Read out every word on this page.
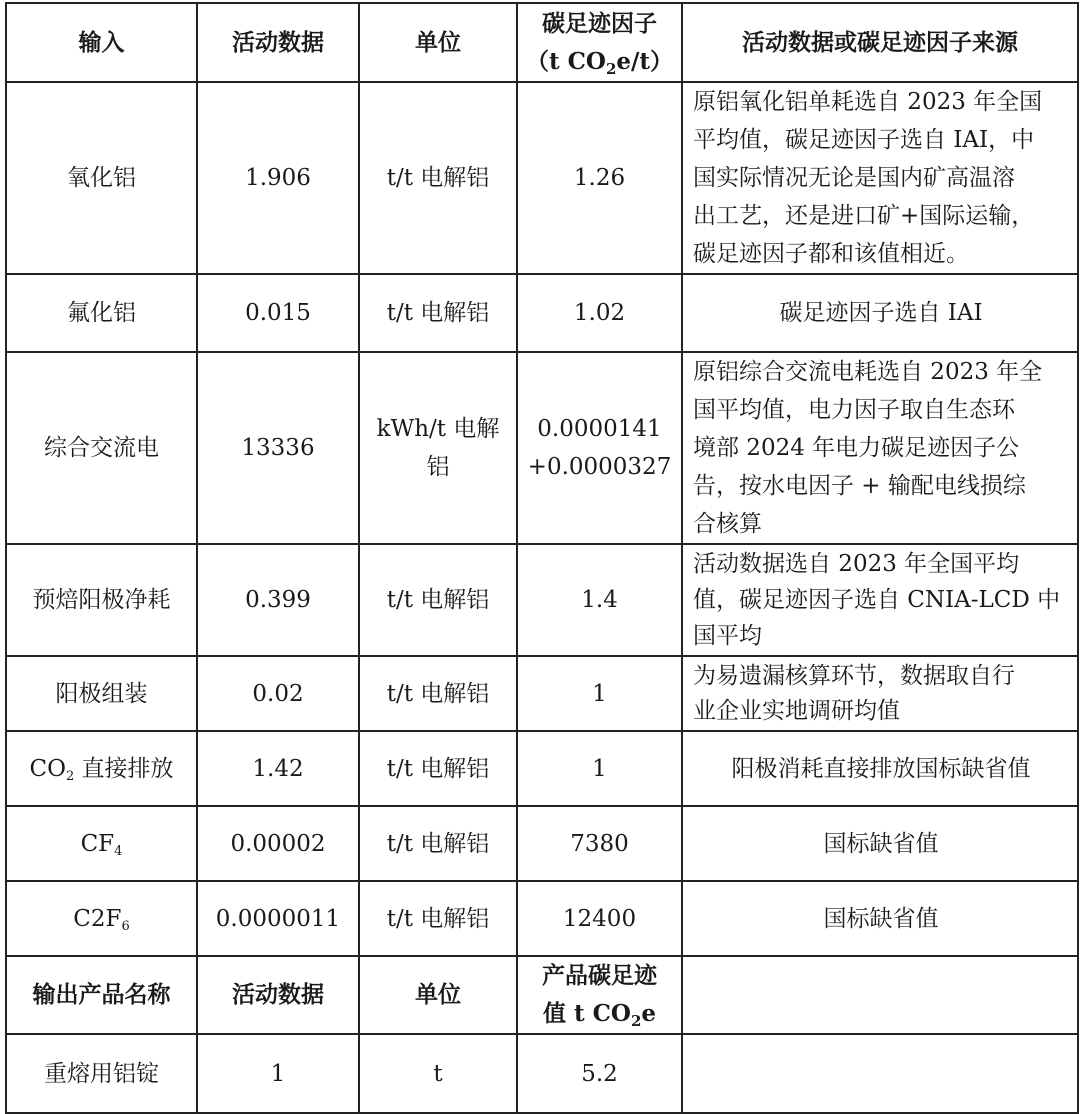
输入	活动数据	单位	碳足迹因子
（t $CO_2e/t$）	活动数据或碳足迹因子来源
氧化铝	1.906	t/t 电解铝	1.26	原铝氧化铝单耗选自 2023 年全国
平均值，碳足迹因子选自 IAI，中
国实际情况无论是国内矿高温溶
出工艺，还是进口矿+国际运输，
碳足迹因子都和该值相近。

氟化铝	0.015	t/t 电解铝	1.02	碳足迹因子选自 IAI
综合交流电	13336	kWh/t 电解
铝	0.0000141
+0.0000327	原铝综合交流电耗选自 2023 年全
国平均值，电力因子取自生态环
境部 2024 年电力碳足迹因子公
告，按水电因子 + 输配电线损综
合核算

预焙阳极净耗	0.399	t/t 电解铝	1.4	活动数据选自 2023 年全国平均
值，碳足迹因子选自 CNIA-LCD 中
国平均

阳极组装	0.02	t/t 电解铝	1	为易遗漏核算环节，数据取自行
业企业实地调研均值

$CO_2$ 直接排放	1.42	t/t 电解铝	1	阳极消耗直接排放国标缺省值
$CF_4$	0.00002	t/t 电解铝	7380	国标缺省值
$C2F_6$	0.0000011	t/t 电解铝	12400	国标缺省值
输出产品名称	活动数据	单位	产品碳足迹
值 t $CO_2e$	

重熔用铝锭	1	t	5.2	
